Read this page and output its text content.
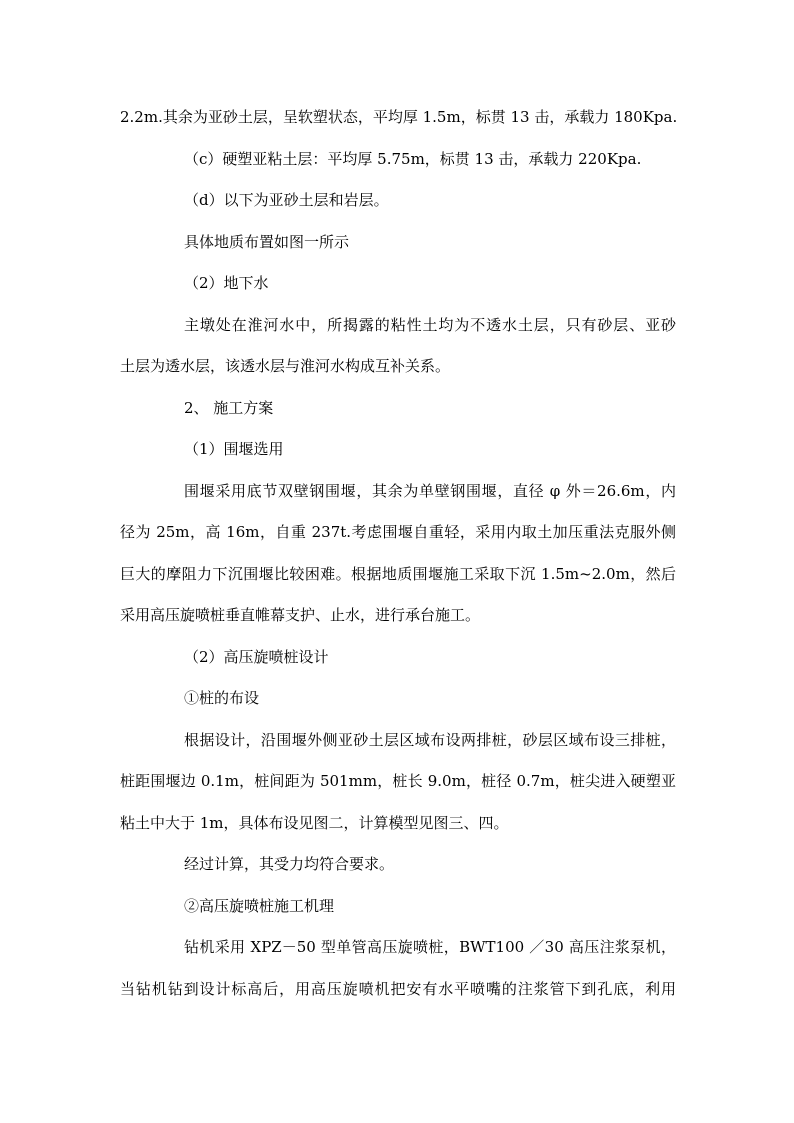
2.2m.其余为亚砂土层，呈软塑状态，平均厚 1.5m，标贯 13 击，承载力 180Kpa.
（c）硬塑亚粘土层：平均厚 5.75m，标贯 13 击，承载力 220Kpa.
（d）以下为亚砂土层和岩层。
具体地质布置如图一所示
（2）地下水
主墩处在淮河水中，所揭露的粘性土均为不透水土层，只有砂层、亚砂
土层为透水层，该透水层与淮河水构成互补关系。
2、 施工方案
（1）围堰选用
围堰采用底节双壁钢围堰，其余为单壁钢围堰，直径 φ 外＝26.6m，内
径为 25m，高 16m，自重 237t.考虑围堰自重轻，采用内取土加压重法克服外侧
巨大的摩阻力下沉围堰比较困难。根据地质围堰施工采取下沉 1.5m~2.0m，然后
采用高压旋喷桩垂直帷幕支护、止水，进行承台施工。
（2）高压旋喷桩设计
①桩的布设
根据设计，沿围堰外侧亚砂土层区域布设两排桩，砂层区域布设三排桩，
桩距围堰边 0.1m，桩间距为 501mm，桩长 9.0m，桩径 0.7m，桩尖进入硬塑亚
粘土中大于 1m，具体布设见图二，计算模型见图三、四。
经过计算，其受力均符合要求。
②高压旋喷桩施工机理
钻机采用 XPZ－50 型单管高压旋喷桩，BWT100 ／30 高压注浆泵机，
当钻机钻到设计标高后，用高压旋喷机把安有水平喷嘴的注浆管下到孔底，利用
